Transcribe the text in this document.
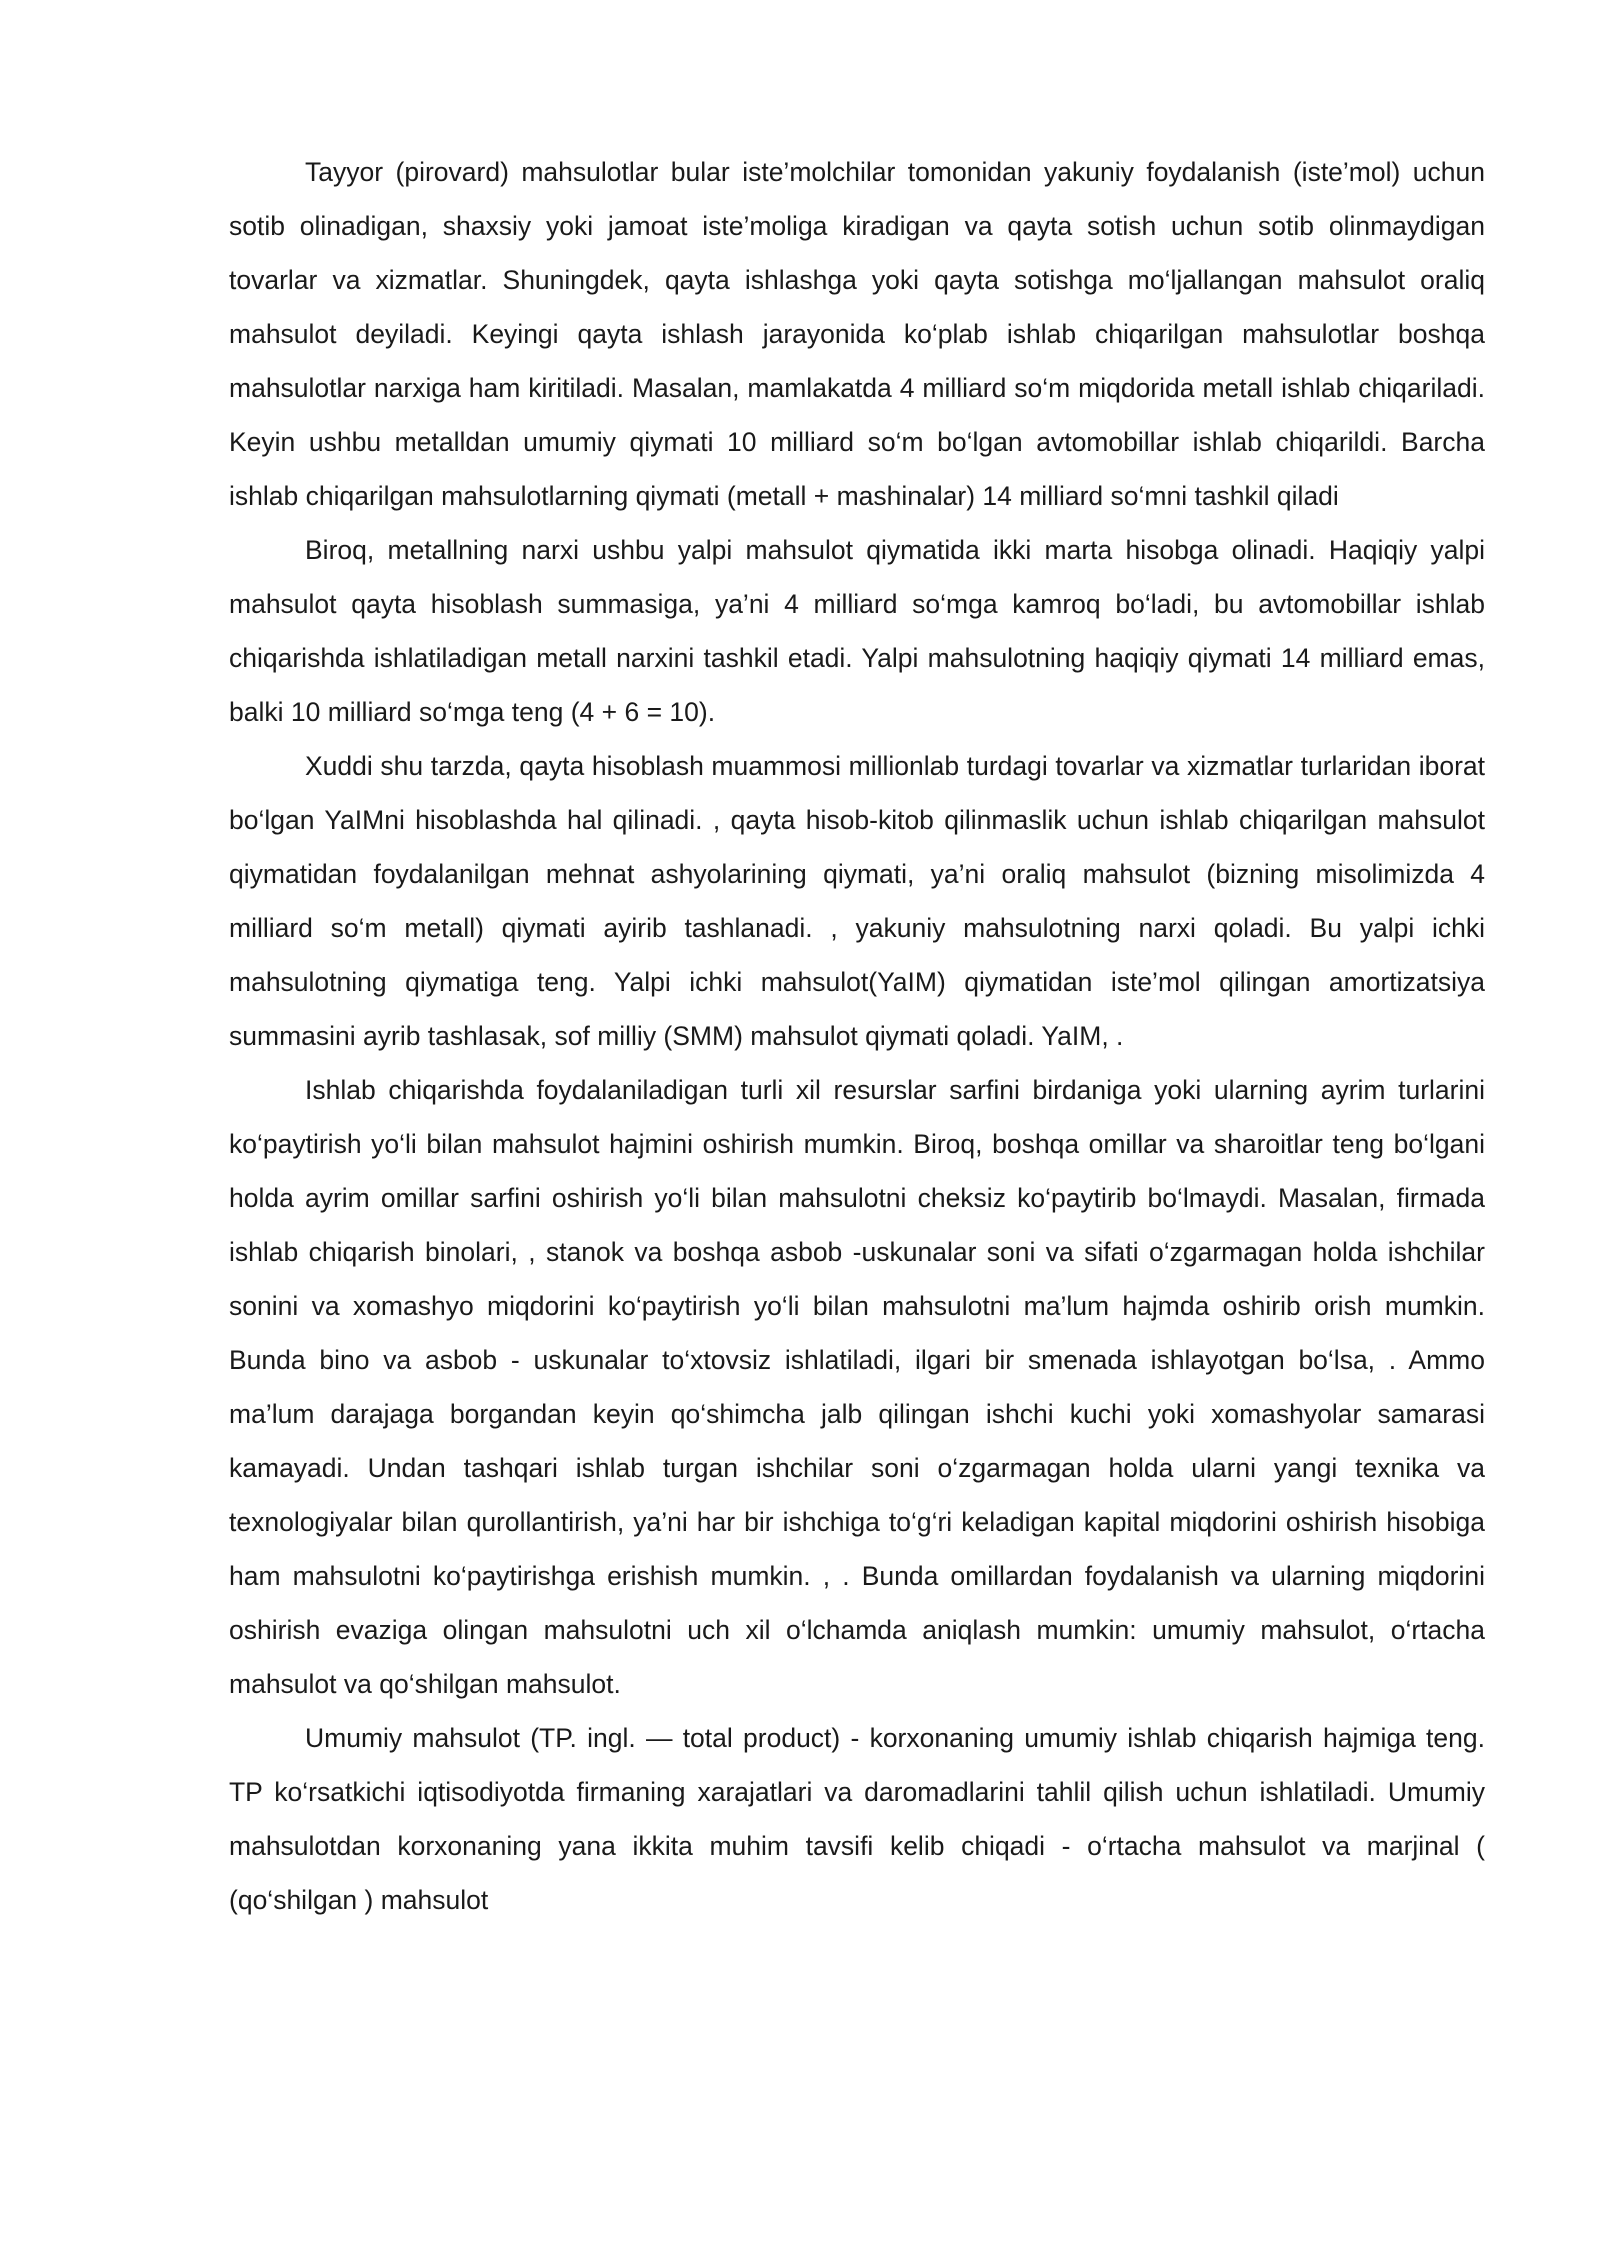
Tayyor (pirovard) mahsulotlar bular iste’molchilar tomonidan yakuniy foydalanish (iste’mol) uchun sotib olinadigan, shaxsiy yoki jamoat iste’moliga kiradigan va qayta sotish uchun sotib olinmaydigan tovarlar va xizmatlar. Shuningdek, qayta ishlashga yoki qayta sotishga mo‘ljallangan mahsulot oraliq mahsulot deyiladi. Keyingi qayta ishlash jarayonida ko‘plab ishlab chiqarilgan mahsulotlar boshqa mahsulotlar narxiga ham kiritiladi. Masalan, mamlakatda 4 milliard so‘m miqdorida metall ishlab chiqariladi. Keyin ushbu metalldan umumiy qiymati 10 milliard so‘m bo‘lgan avtomobillar ishlab chiqarildi. Barcha ishlab chiqarilgan mahsulotlarning qiymati (metall + mashinalar) 14 milliard so‘mni tashkil qiladi

Biroq, metallning narxi ushbu yalpi mahsulot qiymatida ikki marta hisobga olinadi. Haqiqiy yalpi mahsulot qayta hisoblash summasiga, ya’ni 4 milliard so‘mga kamroq bo‘ladi, bu avtomobillar ishlab chiqarishda ishlatiladigan metall narxini tashkil etadi. Yalpi mahsulotning haqiqiy qiymati 14 milliard emas, balki 10 milliard so‘mga teng (4 + 6 = 10).

Xuddi shu tarzda, qayta hisoblash muammosi millionlab turdagi tovarlar va xizmatlar turlaridan iborat bo‘lgan YaIMni hisoblashda hal qilinadi. , qayta hisob-kitob qilinmaslik uchun ishlab chiqarilgan mahsulot qiymatidan foydalanilgan mehnat ashyolarining qiymati, ya’ni oraliq mahsulot (bizning misolimizda 4 milliard so‘m metall) qiymati ayirib tashlanadi. , yakuniy mahsulotning narxi qoladi. Bu yalpi ichki mahsulotning qiymatiga teng. Yalpi ichki mahsulot(YaIM) qiymatidan iste’mol qilingan amortizatsiya summasini ayrib tashlasak, sof milliy (SMM) mahsulot qiymati qoladi. YaIM, .

Ishlab chiqarishda foydalaniladigan turli xil resurslar sarfini birdaniga yoki ularning ayrim turlarini ko‘paytirish yo‘li bilan mahsulot hajmini oshirish mumkin. Biroq, boshqa omillar va sharoitlar teng bo‘lgani holda ayrim omillar sarfini oshirish yo‘li bilan mahsulotni cheksiz ko‘paytirib bo‘lmaydi. Masalan, firmada ishlab chiqarish binolari, , stanok va boshqa asbob -uskunalar soni va sifati o‘zgarmagan holda ishchilar sonini va xomashyo miqdorini ko‘paytirish yo‘li bilan mahsulotni ma’lum hajmda oshirib orish mumkin. Bunda bino va asbob - uskunalar to‘xtovsiz ishlatiladi, ilgari bir smenada ishlayotgan bo‘lsa, . Ammo ma’lum darajaga borgandan keyin qo‘shimcha jalb qilingan ishchi kuchi yoki xomashyolar samarasi kamayadi. Undan tashqari ishlab turgan ishchilar soni o‘zgarmagan holda ularni yangi texnika va texnologiyalar bilan qurollantirish, ya’ni har bir ishchiga to‘g‘ri keladigan kapital miqdorini oshirish hisobiga ham mahsulotni ko‘paytirishga erishish mumkin. , . Bunda omillardan foydalanish va ularning miqdorini oshirish evaziga olingan mahsulotni uch xil o‘lchamda aniqlash mumkin: umumiy mahsulot, o‘rtacha mahsulot va qo‘shilgan mahsulot.

Umumiy mahsulot (TP. ingl. — total product) - korxonaning umumiy ishlab chiqarish hajmiga teng. TP ko‘rsatkichi iqtisodiyotda firmaning xarajatlari va daromadlarini tahlil qilish uchun ishlatiladi. Umumiy mahsulotdan korxonaning yana ikkita muhim tavsifi kelib chiqadi - o‘rtacha mahsulot va marjinal ( (qo‘shilgan ) mahsulot
